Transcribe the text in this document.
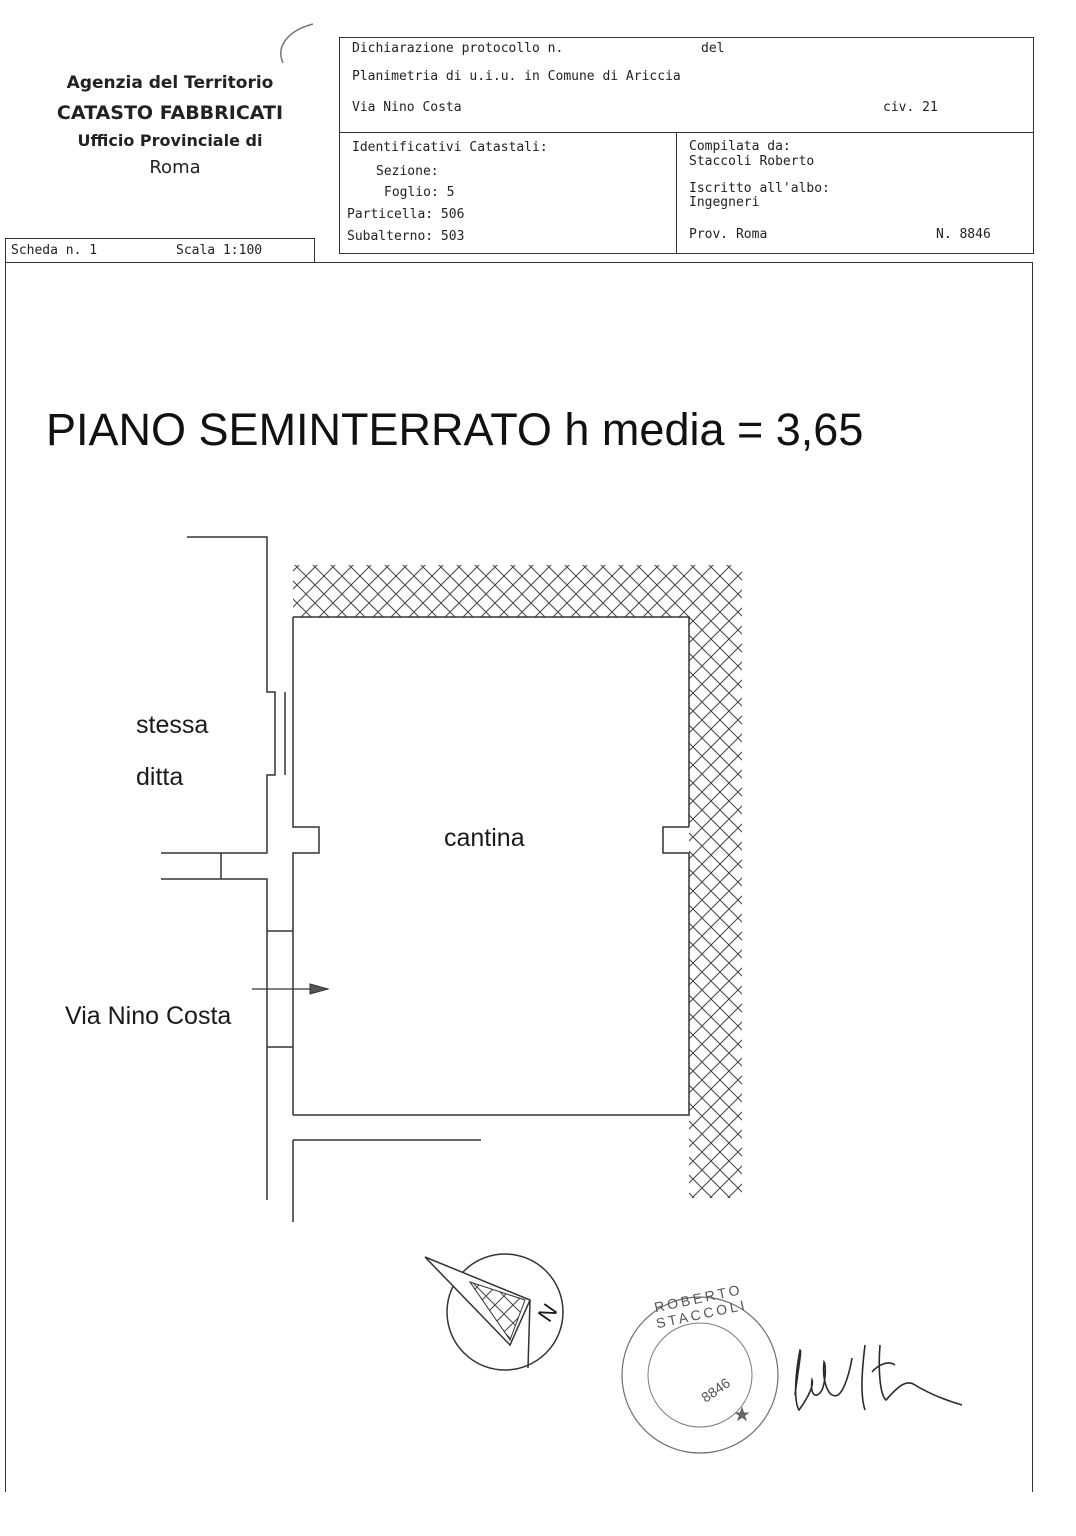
Agenzia del Territorio
CATASTO FABBRICATI
Ufficio Provinciale di
Roma
Scheda n. 1	Scala 1:100
Dichiarazione protocollo n.	del
Planimetria di u.i.u. in Comune di Ariccia
Via Nino Costa	civ. 21
Identificativi Catastali:
Sezione:
Foglio: 5
Particella: 506
Subalterno: 503
Compilata da:
Staccoli Roberto
Iscritto all'albo:
Ingegneri
Prov. Roma	N. 8846
PIANO SEMINTERRATO h media = 3,65
stessa
ditta
cantina
Via Nino Costa
N	ROBERTO STACCOLI
8846
